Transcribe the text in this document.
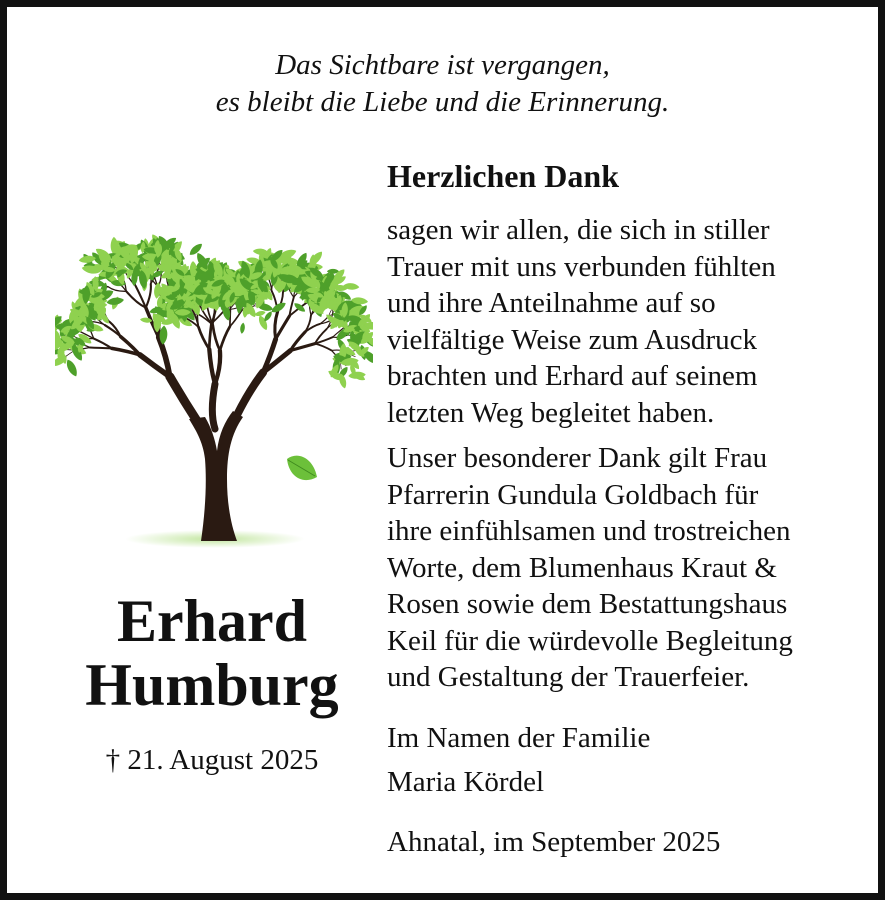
Das Sichtbare ist vergangen,
es bleibt die Liebe und die Erinnerung.
Erhard
Humburg
† 21. August 2025
Herzlichen Dank
sagen wir allen, die sich in stiller
Trauer mit uns verbunden fühlten
und ihre Anteilnahme auf so
vielfältige Weise zum Ausdruck
brachten und Erhard auf seinem
letzten Weg begleitet haben.
Unser besonderer Dank gilt Frau
Pfarrerin Gundula Goldbach für
ihre einfühlsamen und trostreichen
Worte, dem Blumenhaus Kraut &
Rosen sowie dem Bestattungshaus
Keil für die würdevolle Begleitung
und Gestaltung der Trauerfeier.
Im Namen der Familie
Maria Kördel
Ahnatal, im September 2025
